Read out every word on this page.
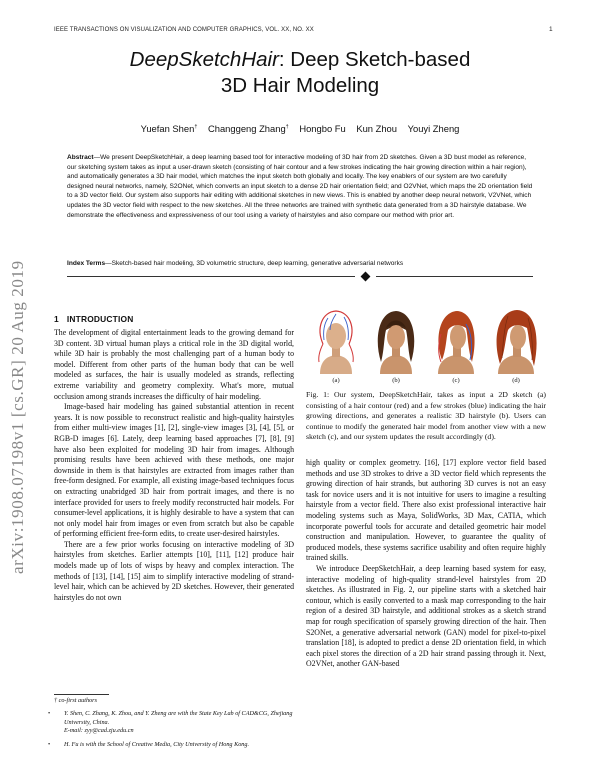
IEEE TRANSACTIONS ON VISUALIZATION AND COMPUTER GRAPHICS, VOL. XX, NO. XX	1
DeepSketchHair: Deep Sketch-based
3D Hair Modeling
Yuefan Shen† Changgeng Zhang† Hongbo Fu Kun Zhou Youyi Zheng
Abstract—We present DeepSketchHair, a deep learning based tool for interactive modeling of 3D hair from 2D sketches. Given a 3D bust model as reference, our sketching system takes as input a user-drawn sketch (consisting of hair contour and a few strokes indicating the hair growing direction within a hair region), and automatically generates a 3D hair model, which matches the input sketch both globally and locally. The key enablers of our system are two carefully designed neural networks, namely, S2ONet, which converts an input sketch to a dense 2D hair orientation field; and O2VNet, which maps the 2D orientation field to a 3D vector field. Our system also supports hair editing with additional sketches in new views. This is enabled by another deep neural network, V2VNet, which updates the 3D vector field with respect to the new sketches. All the three networks are trained with synthetic data generated from a 3D hairstyle database. We demonstrate the effectiveness and expressiveness of our tool using a variety of hairstyles and also compare our method with prior art.
Index Terms—Sketch-based hair modeling, 3D volumetric structure, deep learning, generative adversarial networks
arXiv:1908.07198v1 [cs.GR] 20 Aug 2019	1 INTRODUCTION

The development of digital entertainment leads to the growing demand for 3D content. 3D virtual human plays a critical role in the 3D digital world, while 3D hair is probably the most challenging part of a human body to model. Different from other parts of the human body that can be well modeled as surfaces, the hair is usually modeled as strands, reflecting extreme variability and geometry complexity. What's more, mutual occlusion among strands increases the difficulty of hair modeling.

Image-based hair modeling has gained substantial attention in recent years. It is now possible to reconstruct realistic and high-quality hairstyles from either multi-view images [1], [2], single-view images [3], [4], [5], or RGB-D images [6]. Lately, deep learning based approaches [7], [8], [9] have also been exploited for modeling 3D hair from images. Although promising results have been achieved with these methods, one major downside in them is that hairstyles are extracted from images rather than free-form designed. For example, all existing image-based techniques focus on extracting unabridged 3D hair from portrait images, and there is no interface provided for users to freely modify reconstructed hair models. For consumer-level applications, it is highly desirable to have a system that can not only model hair from images or even from scratch but also be capable of performing efficient free-form edits, to create user-desired hairstyles.

There are a few prior works focusing on interactive modeling of 3D hairstyles from sketches. Earlier attempts [10], [11], [12] produce hair models made up of lots of wisps by heavy and complex interaction. The methods of [13], [14], [15] aim to simplify interactive modeling of strand-level hair, which can be achieved by 2D sketches. However, their generated hairstyles do not own

(a)	(b)	(c)	(d)
Fig. 1: Our system, DeepSketchHair, takes as input a 2D sketch (a) consisting of a hair contour (red) and a few strokes (blue) indicating the hair growing directions, and generates a realistic 3D hairstyle (b). Users can continue to modify the generated hair model from another view with a new sketch (c), and our system updates the result accordingly (d).

high quality or complex geometry. [16], [17] explore vector field based methods and use 3D strokes to drive a 3D vector field which represents the growing direction of hair strands, but authoring 3D curves is not an easy task for novice users and it is not intuitive for users to imagine a resulting hairstyle from a vector field. There also exist professional interactive hair modeling systems such as Maya, SolidWorks, 3D Max, CATIA, which incorporate powerful tools for accurate and detailed geometric hair model construction and manipulation. However, to guarantee the quality of produced models, these systems sacrifice usability and often require highly trained skills.

We introduce DeepSketchHair, a deep learning based system for easy, interactive modeling of high-quality strand-level hairstyles from 2D sketches. As illustrated in Fig. 2, our pipeline starts with a sketched hair contour, which is easily converted to a mask map corresponding to the hair region of a desired 3D hairstyle, and additional strokes as a sketch strand map for rough specification of sparsely growing direction of the hair. Then S2ONet, a generative adversarial network (GAN) model for pixel-to-pixel translation [18], is adopted to predict a dense 2D orientation field, in which each pixel stores the direction of a 2D hair strand passing through it. Next, O2VNet, another GAN-based

† co-first authors

• Y. Shen, C. Zhang, K. Zhou, and Y. Zheng are with the State Key Lab of CAD&CG, Zhejiang University, China.
E-mail: zyy@cad.zju.edu.cn

• H. Fu is with the School of Creative Media, City University of Hong Kong.
